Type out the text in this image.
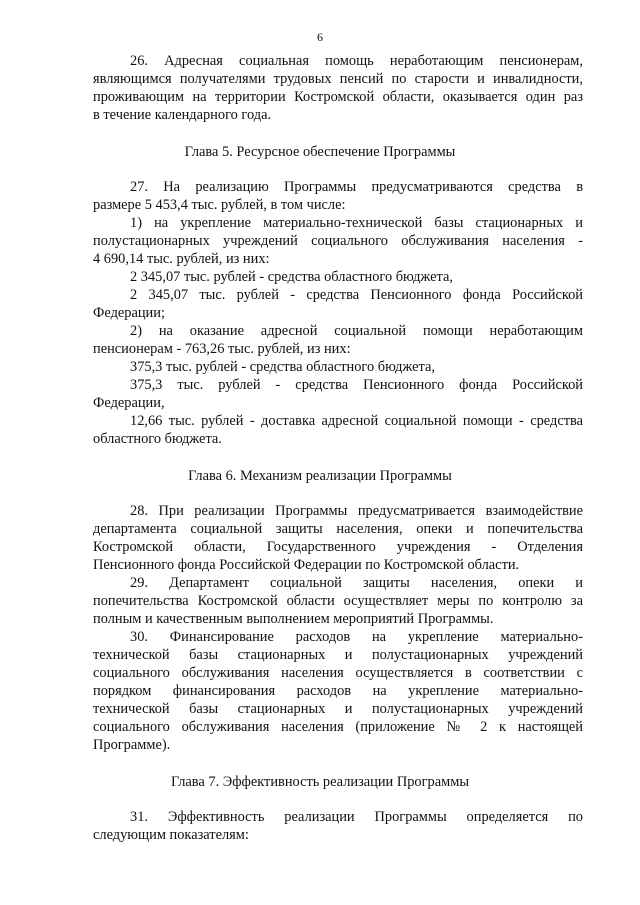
6
26. Адресная социальная помощь неработающим пенсионерам,
являющимся получателями трудовых пенсий по старости и инвалидности,
проживающим на территории Костромской области, оказывается один раз
в течение календарного года.
Глава 5. Ресурсное обеспечение Программы
27. На реализацию Программы предусматриваются средства в
размере 5 453,4 тыс. рублей, в том числе:
1) на укрепление материально-технической базы стационарных и
полустационарных учреждений социального обслуживания населения -
4 690,14 тыс. рублей, из них:
2 345,07 тыс. рублей - средства областного бюджета,
2 345,07 тыс. рублей - средства Пенсионного фонда Российской
Федерации;
2) на оказание адресной социальной помощи неработающим
пенсионерам - 763,26 тыс. рублей, из них:
375,3 тыс. рублей - средства областного бюджета,
375,3 тыс. рублей - средства Пенсионного фонда Российской
Федерации,
12,66 тыс. рублей - доставка адресной социальной помощи - средства
областного бюджета.
Глава 6. Механизм реализации Программы
28. При реализации Программы предусматривается взаимодействие
департамента социальной защиты населения, опеки и попечительства
Костромской области, Государственного учреждения - Отделения
Пенсионного фонда Российской Федерации по Костромской области.
29. Департамент социальной защиты населения, опеки и
попечительства Костромской области осуществляет меры по контролю за
полным и качественным выполнением мероприятий Программы.
30. Финансирование расходов на укрепление материально-
технической базы стационарных и полустационарных учреждений
социального обслуживания населения осуществляется в соответствии с
порядком финансирования расходов на укрепление материально-
технической базы стационарных и полустационарных учреждений
социального обслуживания населения (приложение № 2 к настоящей
Программе).
Глава 7. Эффективность реализации Программы
31. Эффективность реализации Программы определяется по
следующим показателям:
